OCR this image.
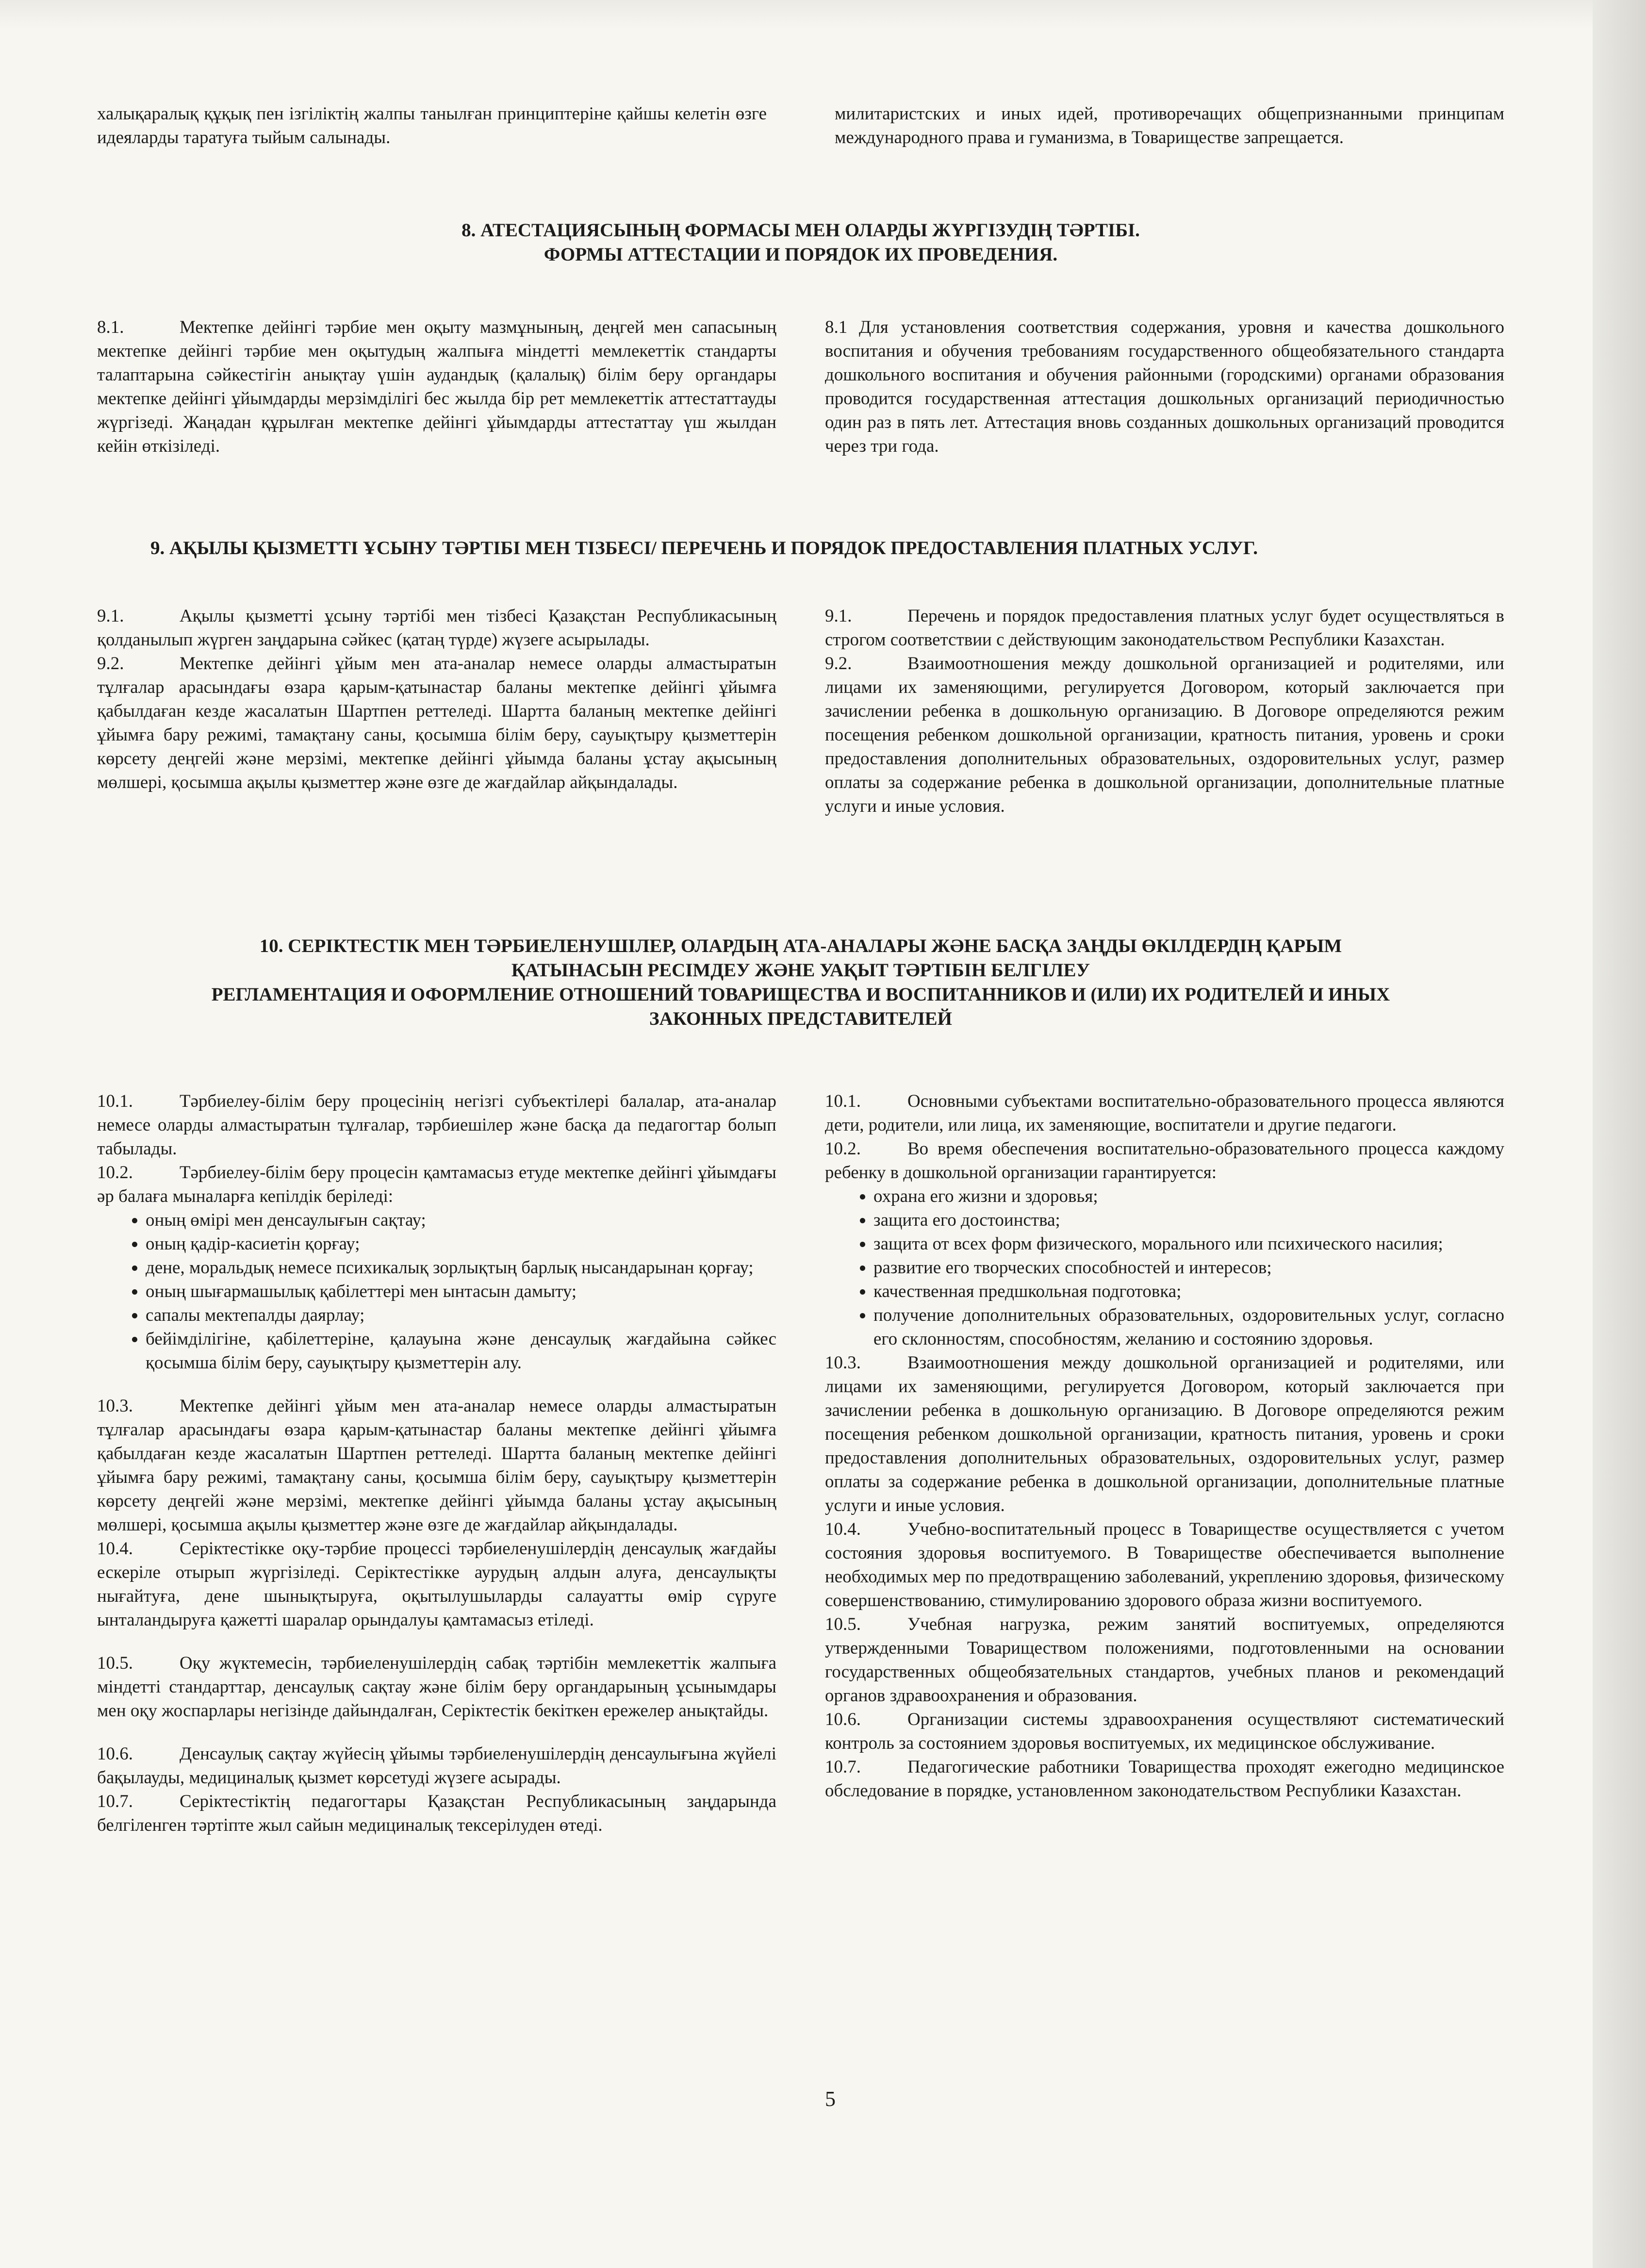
халықаралық құқық пен ізгіліктің жалпы танылған принциптеріне қайшы келетін өзге идеяларды таратуға тыйым салынады.

милитаристских и иных идей, противоречащих общепризнанными принципам международного права и гуманизма, в Товариществе запрещается.

8. АТЕСТАЦИЯСЫНЫҢ ФОРМАСЫ МЕН ОЛАРДЫ ЖҮРГІЗУДІҢ ТӘРТІБІ.
ФОРМЫ АТТЕСТАЦИИ И ПОРЯДОК ИХ ПРОВЕДЕНИЯ.

8.1.	Мектепке дейінгі тәрбие мен оқыту мазмұнының, деңгей мен сапасының мектепке дейінгі тәрбие мен оқытудың жалпыға міндетті мемлекеттік стандарты талаптарына сәйкестігін анықтау үшін аудандық (қалалық) білім беру органдары мектепке дейінгі ұйымдарды мерзімділігі бес жылда бір рет мемлекеттік аттестаттауды жүргізеді. Жаңадан құрылған мектепке дейінгі ұйымдарды аттестаттау үш жылдан кейін өткізіледі.

8.1 Для установления соответствия содержания, уровня и качества дошкольного воспитания и обучения требованиям государственного общеобязательного стандарта дошкольного воспитания и обучения районными (городскими) органами образования проводится государственная аттестация дошкольных организаций периодичностью один раз в пять лет. Аттестация вновь созданных дошкольных организаций проводится через три года.

9. АҚЫЛЫ ҚЫЗМЕТТІ ҰСЫНУ ТӘРТІБІ МЕН ТІЗБЕСІ/ ПЕРЕЧЕНЬ И ПОРЯДОК ПРЕДОСТАВЛЕНИЯ ПЛАТНЫХ УСЛУГ.

9.1.	Ақылы қызметті ұсыну тәртібі мен тізбесі Қазақстан Республикасының қолданылып жүрген заңдарына сәйкес (қатаң түрде) жүзеге асырылады.

9.2.	Мектепке дейінгі ұйым мен ата-аналар немесе оларды алмастыратын тұлғалар арасындағы өзара қарым-қатынастар баланы мектепке дейінгі ұйымға қабылдаған кезде жасалатын Шартпен реттеледі. Шартта баланың мектепке дейінгі ұйымға бару режимі, тамақтану саны, қосымша білім беру, сауықтыру қызметтерін көрсету деңгейі және мерзімі, мектепке дейінгі ұйымда баланы ұстау ақысының мөлшері, қосымша ақылы қызметтер және өзге де жағдайлар айқындалады.

9.1.	Перечень и порядок предоставления платных услуг будет осуществляться в строгом соответствии с действующим законодательством Республики Казахстан.

9.2.	Взаимоотношения между дошкольной организацией и родителями, или лицами их заменяющими, регулируется Договором, который заключается при зачислении ребенка в дошкольную организацию. В Договоре определяются режим посещения ребенком дошкольной организации, кратность питания, уровень и сроки предоставления дополнительных образовательных, оздоровительных услуг, размер оплаты за содержание ребенка в дошкольной организации, дополнительные платные услуги и иные условия.

10. СЕРІКТЕСТІК МЕН ТӘРБИЕЛЕНУШІЛЕР, ОЛАРДЫҢ АТА-АНАЛАРЫ ЖӘНЕ БАСҚА ЗАҢДЫ ӨКІЛДЕРДІҢ ҚАРЫМ
ҚАТЫНАСЫН РЕСІМДЕУ ЖӘНЕ УАҚЫТ ТӘРТІБІН БЕЛГІЛЕУ
РЕГЛАМЕНТАЦИЯ И ОФОРМЛЕНИЕ ОТНОШЕНИЙ ТОВАРИЩЕСТВА И ВОСПИТАННИКОВ И (ИЛИ) ИХ РОДИТЕЛЕЙ И ИНЫХ
ЗАКОННЫХ ПРЕДСТАВИТЕЛЕЙ

10.1.	Тәрбиелеу-білім беру процесінің негізгі субъектілері балалар, ата-аналар немесе оларды алмастыратын тұлғалар, тәрбиешілер және басқа да педагогтар болып табылады.

10.2.	Тәрбиелеу-білім беру процесін қамтамасыз етуде мектепке дейінгі ұйымдағы әр балаға мыналарға кепілдік беріледі:

• оның өмірі мен денсаулығын сақтау;
• оның қадір-касиетін қорғау;
• дене, моральдық немесе психикалық зорлықтың барлық нысандарынан қорғау;
• оның шығармашылық қабілеттері мен ынтасын дамыту;
• сапалы мектепалды даярлау;
• бейімділігіне, қабілеттеріне, қалауына және денсаулық жағдайына сәйкес қосымша білім беру, сауықтыру қызметтерін алу.

10.3.	Мектепке дейінгі ұйым мен ата-аналар немесе оларды алмастыратын тұлғалар арасындағы өзара қарым-қатынастар баланы мектепке дейінгі ұйымға қабылдаған кезде жасалатын Шартпен реттеледі. Шартта баланың мектепке дейінгі ұйымға бару режимі, тамақтану саны, қосымша білім беру, сауықтыру қызметтерін көрсету деңгейі және мерзімі, мектепке дейінгі ұйымда баланы ұстау ақысының мөлшері, қосымша ақылы қызметтер және өзге де жағдайлар айқындалады.

10.4.	Серіктестікке оқу-тәрбие процессі тәрбиеленушілердің денсаулық жағдайы ескеріле отырып жүргізіледі. Серіктестікке аурудың алдын алуға, денсаулықты нығайтуға, дене шынықтыруға, оқытылушыларды салауатты өмір сүруге ынталандыруға қажетті шаралар орындалуы қамтамасыз етіледі.

10.5.	Оқу жүктемесін, тәрбиеленушілердің сабақ тәртібін мемлекеттік жалпыға міндетті стандарттар, денсаулық сақтау және білім беру органдарының ұсынымдары мен оқу жоспарлары негізінде дайындалған, Серіктестік бекіткен ережелер анықтайды.

10.6.	Денсаулық сақтау жүйесің ұйымы тәрбиеленушілердің денсаулығына жүйелі бақылауды, медициналық қызмет көрсетуді жүзеге асырады.

10.7.	Серіктестіктің педагогтары Қазақстан Республикасының заңдарында белгіленген тәртіпте жыл сайын медициналық тексерілуден өтеді.

10.1.	Основными субъектами воспитательно-образовательного процесса являются дети, родители, или лица, их заменяющие, воспитатели и другие педагоги.

10.2.	Во время обеспечения воспитательно-образовательного процесса каждому ребенку в дошкольной организации гарантируется:

• охрана его жизни и здоровья;
• защита его достоинства;
• защита от всех форм физического, морального или психического насилия;
• развитие его творческих способностей и интересов;
• качественная предшкольная подготовка;
• получение дополнительных образовательных, оздоровительных услуг, согласно его склонностям, способностям, желанию и состоянию здоровья.

10.3.	Взаимоотношения между дошкольной организацией и родителями, или лицами их заменяющими, регулируется Договором, который заключается при зачислении ребенка в дошкольную организацию. В Договоре определяются режим посещения ребенком дошкольной организации, кратность питания, уровень и сроки предоставления дополнительных образовательных, оздоровительных услуг, размер оплаты за содержание ребенка в дошкольной организации, дополнительные платные услуги и иные условия.

10.4.	Учебно-воспитательный процесс в Товариществе осуществляется с учетом состояния здоровья воспитуемого. В Товариществе обеспечивается выполнение необходимых мер по предотвращению заболеваний, укреплению здоровья, физическому совершенствованию, стимулированию здорового образа жизни воспитуемого.

10.5.	Учебная нагрузка, режим занятий воспитуемых, определяются утвержденными Товариществом положениями, подготовленными на основании государственных общеобязательных стандартов, учебных планов и рекомендаций органов здравоохранения и образования.

10.6.	Организации системы здравоохранения осуществляют систематический контроль за состоянием здоровья воспитуемых, их медицинское обслуживание.

10.7.	Педагогические работники Товарищества проходят ежегодно медицинское обследование в порядке, установленном законодательством Республики Казахстан.

5
